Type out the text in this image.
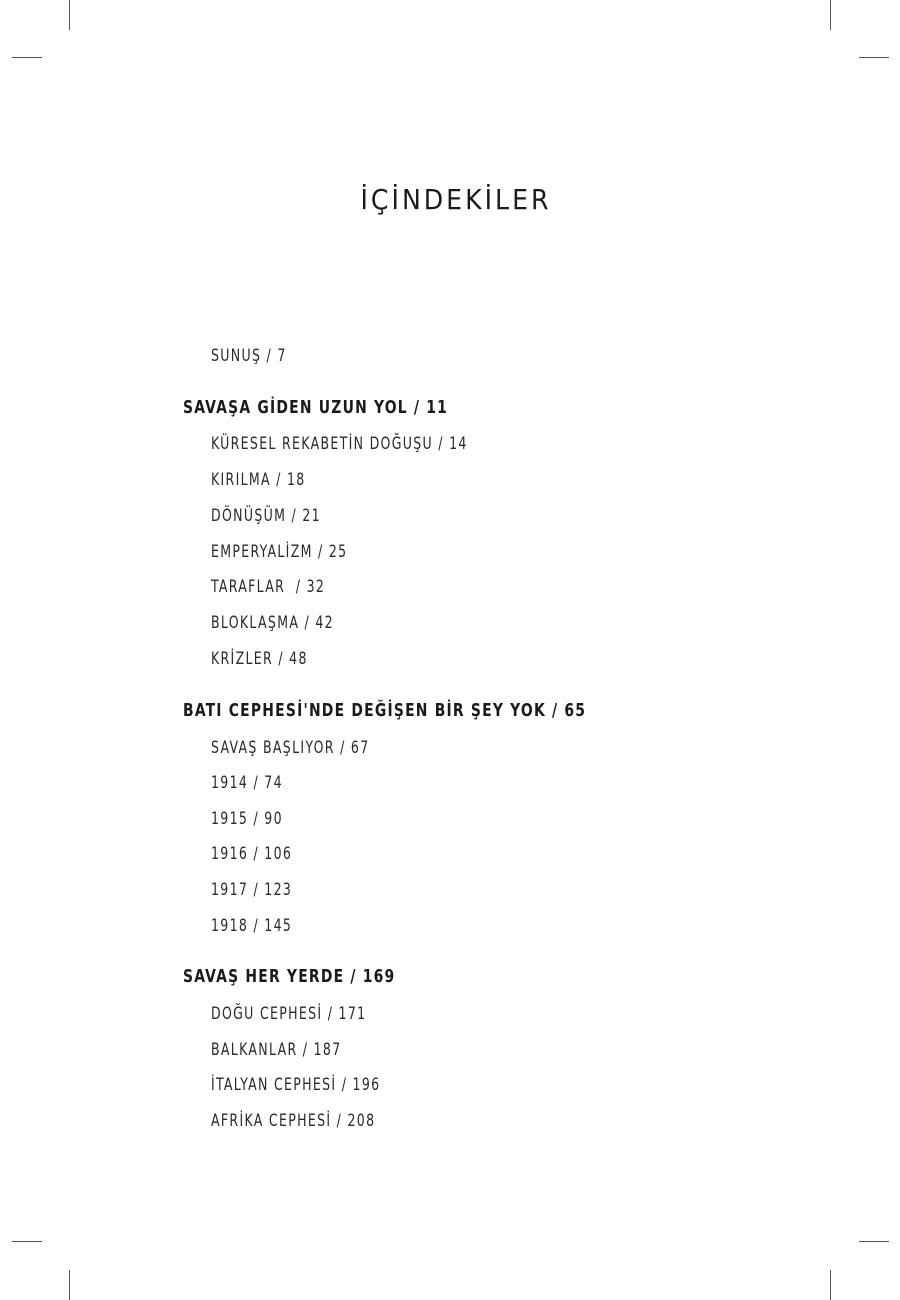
İÇİNDEKİLER
SUNUŞ / 7
SAVAŞA GİDEN UZUN YOL / 11
KÜRESEL REKABETİN DOĞUŞU / 14
KIRILMA / 18
DÖNÜŞÜM / 21
EMPERYALİZM / 25
TARAFLAR  / 32
BLOKLAŞMA / 42
KRİZLER / 48
BATI CEPHESİ'NDE DEĞİŞEN BİR ŞEY YOK / 65
SAVAŞ BAŞLIYOR / 67
1914 / 74
1915 / 90
1916 / 106
1917 / 123
1918 / 145
SAVAŞ HER YERDE / 169
DOĞU CEPHESİ / 171
BALKANLAR / 187
İTALYAN CEPHESİ / 196
AFRİKA CEPHESİ / 208
